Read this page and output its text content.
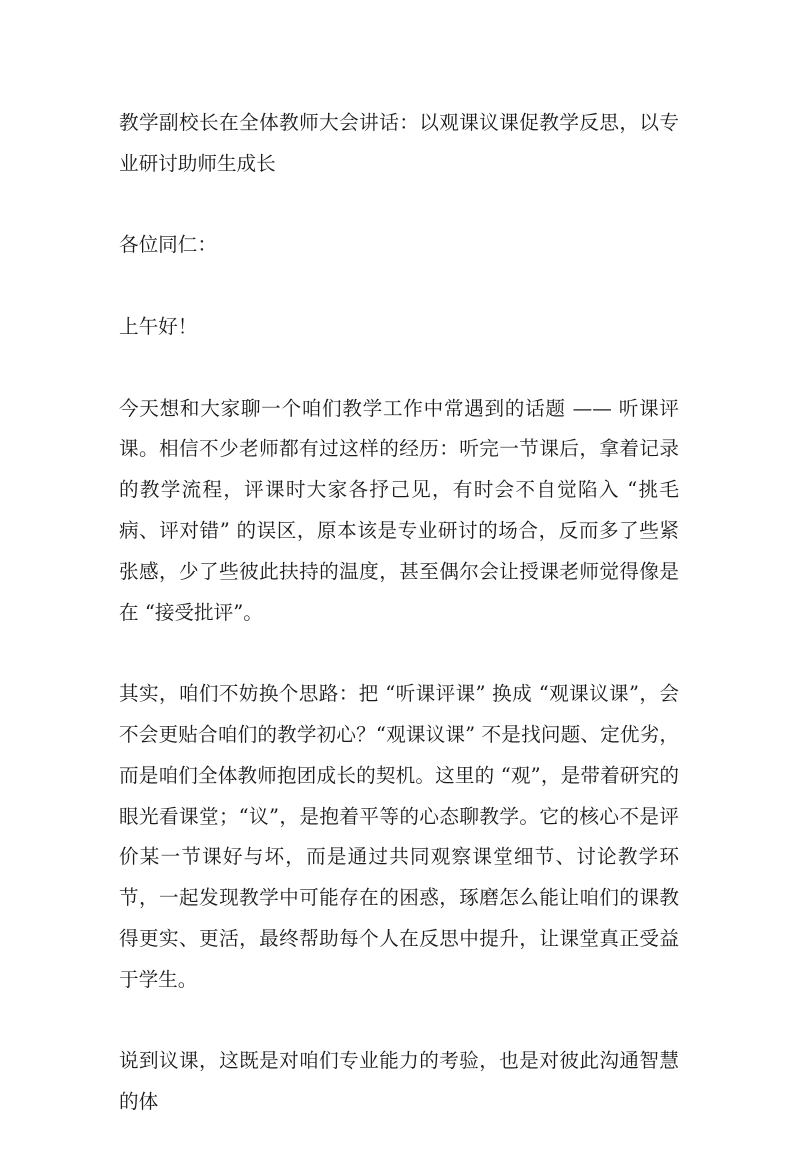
教学副校长在全体教师大会讲话：以观课议课促教学反思，以专业研讨助师生成长

各位同仁：

上午好！

今天想和大家聊一个咱们教学工作中常遇到的话题 —— 听课评课。相信不少老师都有过这样的经历：听完一节课后，拿着记录的教学流程，评课时大家各抒己见，有时会不自觉陷入 “挑毛病、评对错” 的误区，原本该是专业研讨的场合，反而多了些紧张感，少了些彼此扶持的温度，甚至偶尔会让授课老师觉得像是在 “接受批评”。

其实，咱们不妨换个思路：把 “听课评课” 换成 “观课议课”，会不会更贴合咱们的教学初心？“观课议课” 不是找问题、定优劣，而是咱们全体教师抱团成长的契机。这里的 “观”，是带着研究的眼光看课堂；“议”，是抱着平等的心态聊教学。它的核心不是评价某一节课好与坏，而是通过共同观察课堂细节、讨论教学环节，一起发现教学中可能存在的困惑，琢磨怎么能让咱们的课教得更实、更活，最终帮助每个人在反思中提升，让课堂真正受益于学生。

说到议课，这既是对咱们专业能力的考验，也是对彼此沟通智慧的体
